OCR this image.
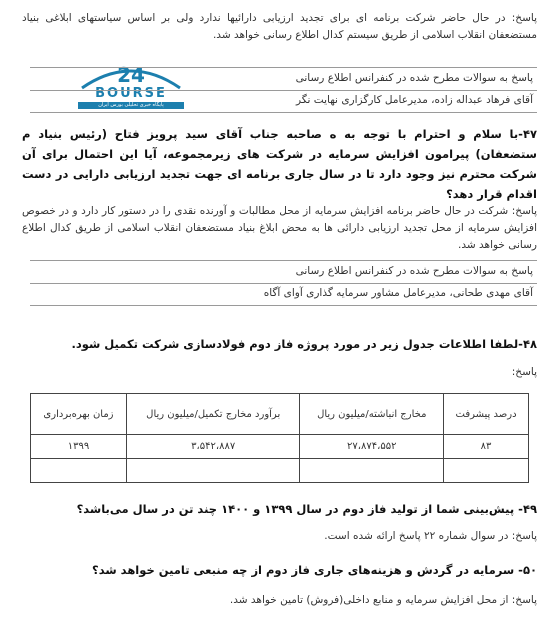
پاسخ: در حال حاضر شرکت برنامه ای برای تجدید ارزیابی دارائیها ندارد ولی بر اساس سیاستهای ابلاغی بنیاد مستضعفان انقلاب اسلامی از طریق سیستم کدال اطلاع رسانی خواهد شد.
24
BOURSE
پایگاه خبری تحلیلی بورس ایران
پاسخ به سوالات مطرح شده در کنفرانس اطلاع رسانی
آقای فرهاد عبداله زاده، مدیرعامل کارگزاری نهایت نگر
۴۷-با سلام و احترام با توجه به ه صاحبه جناب آقای سید پرویز فتاح (رئیس بنیاد م ستضعفان) پیرامون افزایش سرمایه در شرکت های زیرمجموعه، آیا این احتمال برای آن شرکت محترم نیز وجود دارد تا در سال جاری برنامه ای جهت تجدید ارزیابی دارایی در دست اقدام قرار دهد؟
پاسخ: شرکت در حال حاضر برنامه افزایش سرمایه از محل مطالبات و آورنده نقدی را در دستور کار دارد و در خصوص افزایش سرمایه از محل تجدید ارزیابی دارائی ها به محض ابلاغ بنیاد مستضعفان انقلاب اسلامی از طریق کدال اطلاع رسانی خواهد شد.
پاسخ به سوالات مطرح شده در کنفرانس اطلاع رسانی
آقای مهدی طحانی، مدیرعامل مشاور سرمایه گذاری آوای آگاه
۴۸-لطفا اطلاعات جدول زیر در مورد پروژه فاز دوم فولادسازی شرکت تکمیل شود.
پاسخ:
درصد پیشرفت	مخارج انباشته/میلیون ریال	برآورد مخارج تکمیل/میلیون ریال	زمان بهره‌برداری
۸۳	۲۷،۸۷۴،۵۵۲	۳،۵۴۲،۸۸۷	۱۳۹۹

۴۹- پیش‌بینی شما از تولید فاز دوم در سال ۱۳۹۹ و ۱۴۰۰ چند تن در سال می‌باشد؟
پاسخ: در سوال شماره ۲۲ پاسخ ارائه شده است.
۵۰- سرمایه در گردش و هزینه‌های جاری فاز دوم از چه منبعی تامین خواهد شد؟
پاسخ: از محل افزایش سرمایه و منابع داخلی(فروش) تامین خواهد شد.
